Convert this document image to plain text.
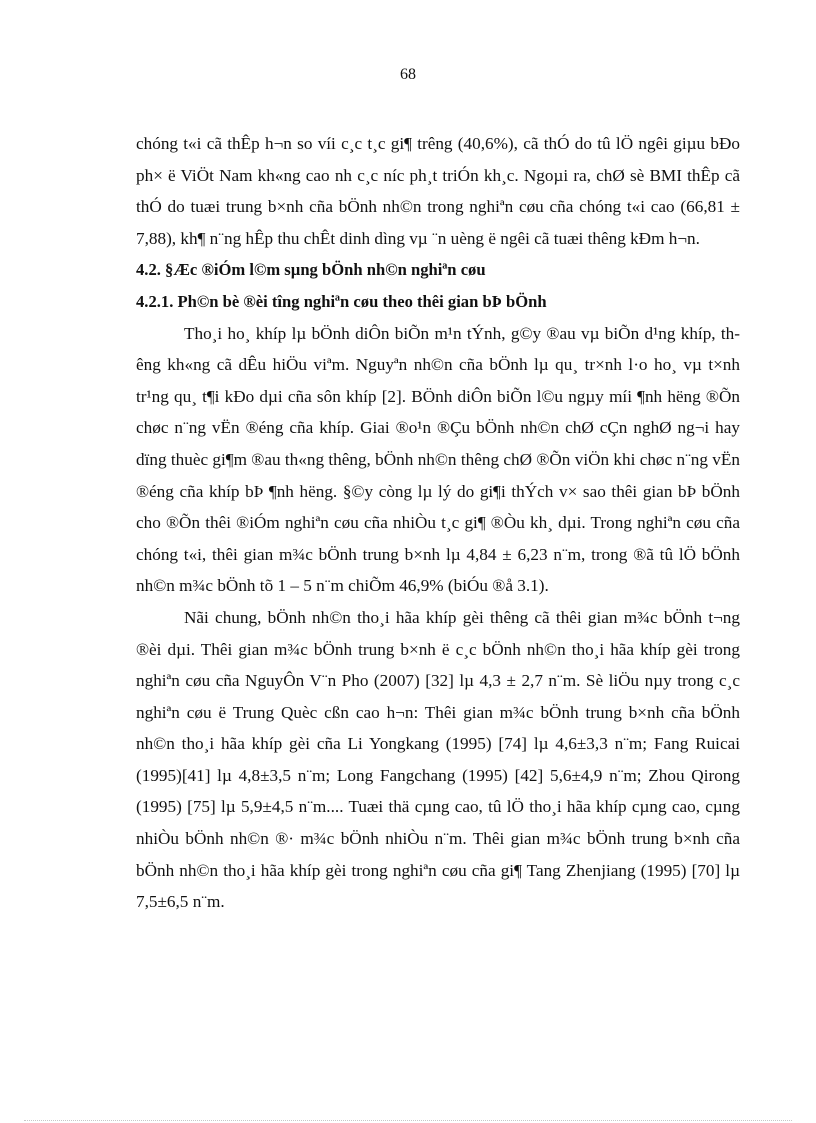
68

chóng t«i cã thÊp h¬n so víi c¸c t¸c gi¶ trêng (40,6%), cã thÓ do tû lÖ ngêi giµu bÐo ph× ë ViÖt Nam kh«ng cao nh c¸c níc ph¸t triÓn kh¸c. Ngoµi ra, chØ sè BMI thÊp cã thÓ do tuæi trung b×nh cña bÖnh nh©n trong nghiªn cøu cña chóng t«i cao (66,81 ± 7,88), kh¶ n¨ng hÊp thu chÊt dinh dìng vµ ¨n uèng ë ngêi cã tuæi thêng kÐm h¬n.

4.2. §Æc ®iÓm l©m sµng bÖnh nh©n nghiªn cøu

4.2.1. Ph©n bè ®èi tîng nghiªn cøu theo thêi gian bÞ bÖnh

Tho¸i ho¸ khíp lµ bÖnh diÔn biÕn m¹n tÝnh, g©y ®au vµ biÕn d¹ng khíp, thêng kh«ng cã dÊu hiÖu viªm. Nguyªn nh©n cña bÖnh lµ qu¸ tr×nh l·o ho¸ vµ t×nh tr¹ng qu¸ t¶i kÐo dµi cña sôn khíp [2]. BÖnh diÔn biÕn l©u ngµy míi ¶nh hëng ®Õn chøc n¨ng vËn ®éng cña khíp. Giai ®o¹n ®Çu bÖnh nh©n chØ cÇn nghØ ng¬i hay dïng thuèc gi¶m ®au th«ng thêng, bÖnh nh©n thêng chØ ®Õn viÖn khi chøc n¨ng vËn ®éng cña khíp bÞ ¶nh hëng. §©y còng lµ lý do gi¶i thÝch v× sao thêi gian bÞ bÖnh cho ®Õn thêi ®iÓm nghiªn cøu cña nhiÒu t¸c gi¶ ®Òu kh¸ dµi. Trong nghiªn cøu cña chóng t«i, thêi gian m¾c bÖnh trung b×nh lµ 4,84 ± 6,23 n¨m, trong ®ã tû lÖ bÖnh nh©n m¾c bÖnh tõ 1 – 5 n¨m chiÕm 46,9% (biÓu ®å 3.1).

Nãi chung, bÖnh nh©n tho¸i hãa khíp gèi thêng cã thêi gian m¾c bÖnh t¬ng ®èi dµi. Thêi gian m¾c bÖnh trung b×nh ë c¸c bÖnh nh©n tho¸i hãa khíp gèi trong nghiªn cøu cña NguyÔn V¨n Pho (2007) [32] lµ 4,3 ± 2,7 n¨m. Sè liÖu nµy trong c¸c nghiªn cøu ë Trung Quèc cßn cao h¬n: Thêi gian m¾c bÖnh trung b×nh cña bÖnh nh©n tho¸i hãa khíp gèi cña Li Yongkang (1995) [74] lµ 4,6±3,3 n¨m; Fang Ruicai (1995)[41] lµ 4,8±3,5 n¨m; Long Fangchang (1995) [42] 5,6±4,9 n¨m; Zhou Qirong (1995) [75] lµ 5,9±4,5 n¨m.... Tuæi thä cµng cao, tû lÖ tho¸i hãa khíp cµng cao, cµng nhiÒu bÖnh nh©n ®· m¾c bÖnh nhiÒu n¨m. Thêi gian m¾c bÖnh trung b×nh cña bÖnh nh©n tho¸i hãa khíp gèi trong nghiªn cøu cña gi¶ Tang Zhenjiang (1995) [70] lµ 7,5±6,5 n¨m.
